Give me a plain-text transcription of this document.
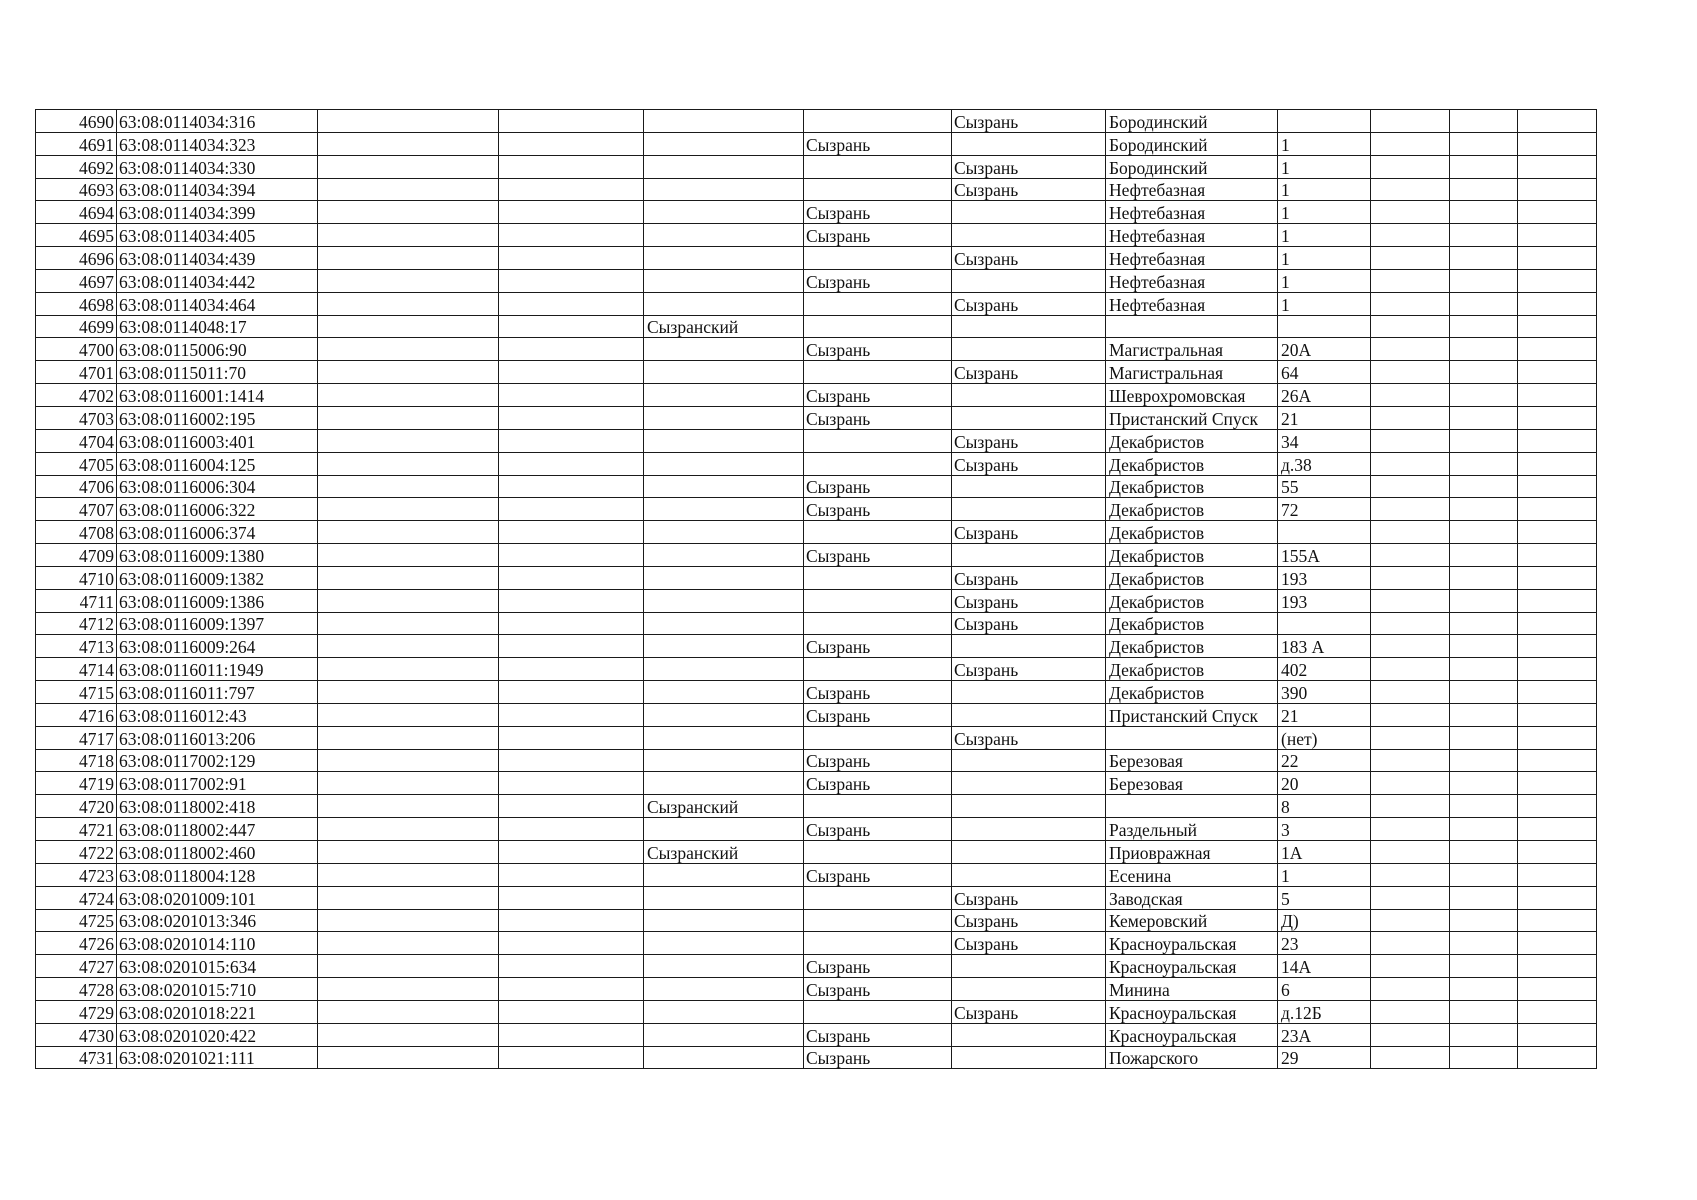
4690	63:08:0114034:316					Сызрань	Бородинский				
4691	63:08:0114034:323				Сызрань		Бородинский	1			
4692	63:08:0114034:330					Сызрань	Бородинский	1			
4693	63:08:0114034:394					Сызрань	Нефтебазная	1			
4694	63:08:0114034:399				Сызрань		Нефтебазная	1			
4695	63:08:0114034:405				Сызрань		Нефтебазная	1			
4696	63:08:0114034:439					Сызрань	Нефтебазная	1			
4697	63:08:0114034:442				Сызрань		Нефтебазная	1			
4698	63:08:0114034:464					Сызрань	Нефтебазная	1			
4699	63:08:0114048:17			Сызранский							
4700	63:08:0115006:90				Сызрань		Магистральная	20А			
4701	63:08:0115011:70					Сызрань	Магистральная	64			
4702	63:08:0116001:1414				Сызрань		Шеврохромовская	26А			
4703	63:08:0116002:195				Сызрань		Пристанский Спуск	21			
4704	63:08:0116003:401					Сызрань	Декабристов	34			
4705	63:08:0116004:125					Сызрань	Декабристов	д.38			
4706	63:08:0116006:304				Сызрань		Декабристов	55			
4707	63:08:0116006:322				Сызрань		Декабристов	72			
4708	63:08:0116006:374					Сызрань	Декабристов				
4709	63:08:0116009:1380				Сызрань		Декабристов	155А			
4710	63:08:0116009:1382					Сызрань	Декабристов	193			
4711	63:08:0116009:1386					Сызрань	Декабристов	193			
4712	63:08:0116009:1397					Сызрань	Декабристов				
4713	63:08:0116009:264				Сызрань		Декабристов	183 А			
4714	63:08:0116011:1949					Сызрань	Декабристов	402			
4715	63:08:0116011:797				Сызрань		Декабристов	390			
4716	63:08:0116012:43				Сызрань		Пристанский Спуск	21			
4717	63:08:0116013:206					Сызрань		(нет)			
4718	63:08:0117002:129				Сызрань		Березовая	22			
4719	63:08:0117002:91				Сызрань		Березовая	20			
4720	63:08:0118002:418			Сызранский				8			
4721	63:08:0118002:447				Сызрань		Раздельный	3			
4722	63:08:0118002:460			Сызранский			Приовражная	1А			
4723	63:08:0118004:128				Сызрань		Есенина	1			
4724	63:08:0201009:101					Сызрань	Заводская	5			
4725	63:08:0201013:346					Сызрань	Кемеровский	Д)			
4726	63:08:0201014:110					Сызрань	Красноуральская	23			
4727	63:08:0201015:634				Сызрань		Красноуральская	14А			
4728	63:08:0201015:710				Сызрань		Минина	6			
4729	63:08:0201018:221					Сызрань	Красноуральская	д.12Б			
4730	63:08:0201020:422				Сызрань		Красноуральская	23А			
4731	63:08:0201021:111				Сызрань		Пожарского	29			
